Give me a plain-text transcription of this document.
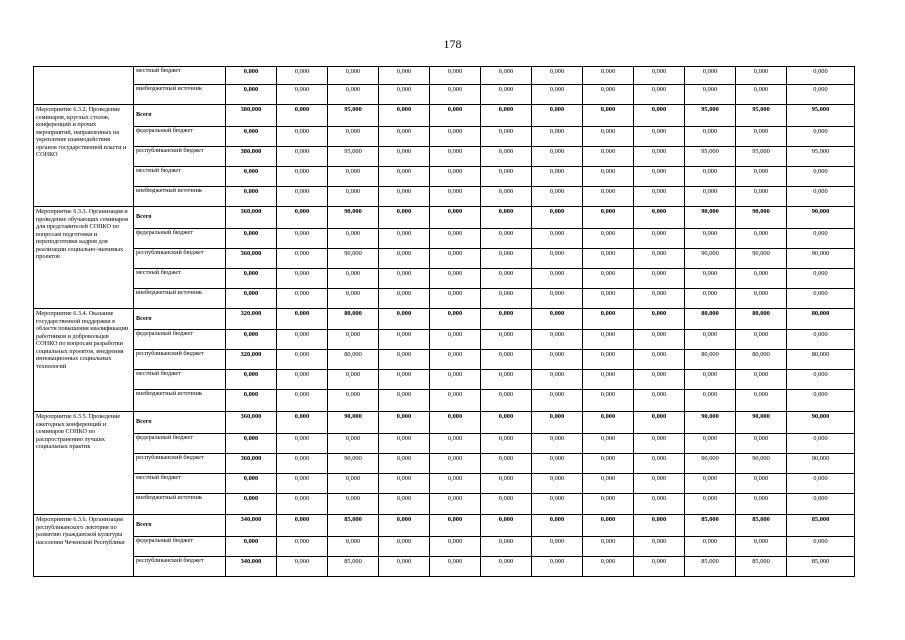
178
	местный бюджет	0,000	0,000	0,000	0,000	0,000	0,000	0,000	0,000	0,000	0,000	0,000	0,000
	внебюджетный источник	0,000	0,000	0,000	0,000	0,000	0,000	0,000	0,000	0,000	0,000	0,000	0,000
Мероприятие 6.3.2. Проведение семинаров, круглых столов, конференций и прочих мероприятий, направленных на укрепление взаимодействия органов государственной власти и СОНКО	Всего	380,000	0,000	95,000	0,000	0,000	0,000	0,000	0,000	0,000	95,000	95,000	95,000
	федеральный бюджет	0,000	0,000	0,000	0,000	0,000	0,000	0,000	0,000	0,000	0,000	0,000	0,000
	республиканский бюджет	380,000	0,000	95,000	0,000	0,000	0,000	0,000	0,000	0,000	95,000	95,000	95,000
	местный бюджет	0,000	0,000	0,000	0,000	0,000	0,000	0,000	0,000	0,000	0,000	0,000	0,000
	внебюджетный источник	0,000	0,000	0,000	0,000	0,000	0,000	0,000	0,000	0,000	0,000	0,000	0,000
Мероприятие 6.3.3. Организация и проведение обучающих семинаров для представителей СОНКО по вопросам подготовки и переподготовки кадров для реализации социально-значимых проектов	Всего	360,000	0,000	90,000	0,000	0,000	0,000	0,000	0,000	0,000	90,000	90,000	90,000
	федеральный бюджет	0,000	0,000	0,000	0,000	0,000	0,000	0,000	0,000	0,000	0,000	0,000	0,000
	республиканский бюджет	360,000	0,000	90,000	0,000	0,000	0,000	0,000	0,000	0,000	90,000	90,000	90,000
	местный бюджет	0,000	0,000	0,000	0,000	0,000	0,000	0,000	0,000	0,000	0,000	0,000	0,000
	внебюджетный источник	0,000	0,000	0,000	0,000	0,000	0,000	0,000	0,000	0,000	0,000	0,000	0,000
Мероприятие 6.3.4. Оказание государственной поддержки в области повышения квалификации работников и добровольцев СОНКО по вопросам разработки социальных проектов, внедрения инновационных социальных технологий	Всего	320,000	0,000	80,000	0,000	0,000	0,000	0,000	0,000	0,000	80,000	80,000	80,000
	федеральный бюджет	0,000	0,000	0,000	0,000	0,000	0,000	0,000	0,000	0,000	0,000	0,000	0,000
	республиканский бюджет	320,000	0,000	80,000	0,000	0,000	0,000	0,000	0,000	0,000	80,000	80,000	80,000
	местный бюджет	0,000	0,000	0,000	0,000	0,000	0,000	0,000	0,000	0,000	0,000	0,000	0,000
	внебюджетный источник	0,000	0,000	0,000	0,000	0,000	0,000	0,000	0,000	0,000	0,000	0,000	0,000
Мероприятие 6.3.5. Проведение ежегодных конференций и семинаров СОНКО по распространению лучших социальных практик	Всего	360,000	0,000	90,000	0,000	0,000	0,000	0,000	0,000	0,000	90,000	90,000	90,000
	федеральный бюджет	0,000	0,000	0,000	0,000	0,000	0,000	0,000	0,000	0,000	0,000	0,000	0,000
	республиканский бюджет	360,000	0,000	90,000	0,000	0,000	0,000	0,000	0,000	0,000	90,000	90,000	90,000
	местный бюджет	0,000	0,000	0,000	0,000	0,000	0,000	0,000	0,000	0,000	0,000	0,000	0,000
	внебюджетный источник	0,000	0,000	0,000	0,000	0,000	0,000	0,000	0,000	0,000	0,000	0,000	0,000
Мероприятие 6.3.6. Организация республиканского лектория по развитию гражданской культуры населения Чеченской Республики	Всего	340,000	0,000	85,000	0,000	0,000	0,000	0,000	0,000	0,000	85,000	85,000	85,000
	федеральный бюджет	0,000	0,000	0,000	0,000	0,000	0,000	0,000	0,000	0,000	0,000	0,000	0,000
	республиканский бюджет	340,000	0,000	85,000	0,000	0,000	0,000	0,000	0,000	0,000	85,000	85,000	85,000
